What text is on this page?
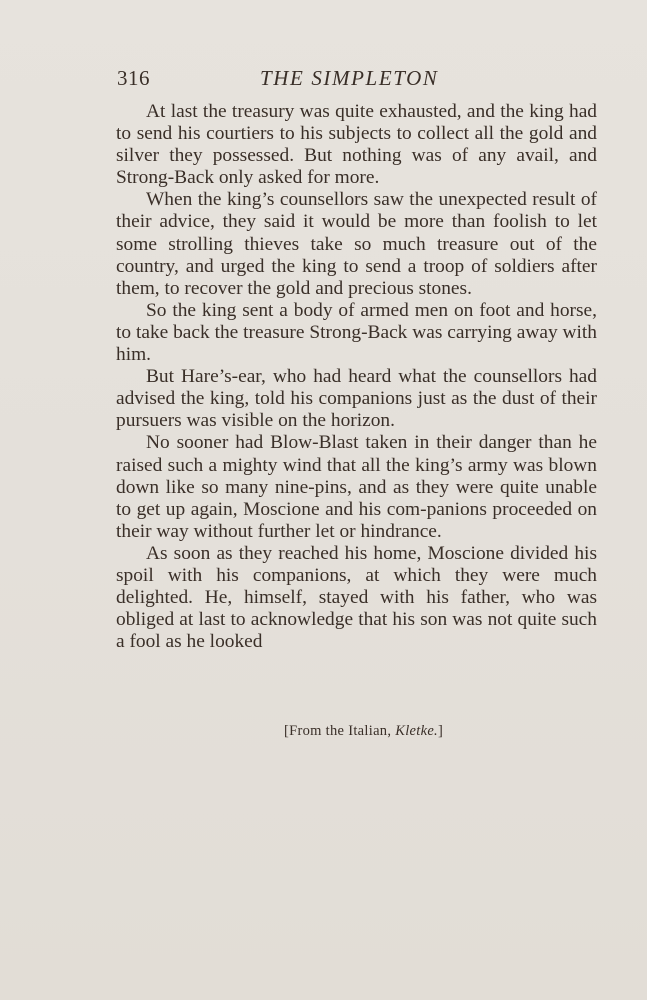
316	THE SIMPLETON

At last the treasury was quite exhausted, and the king had to send his courtiers to his subjects to collect all the gold and silver they possessed. But nothing was of any avail, and Strong-Back only asked for more.

When the king’s counsellors saw the unexpected result of their advice, they said it would be more than foolish to let some strolling thieves take so much treasure out of the country, and urged the king to send a troop of soldiers after them, to recover the gold and precious stones.

So the king sent a body of armed men on foot and horse, to take back the treasure Strong-Back was carrying away with him.

But Hare’s-ear, who had heard what the counsellors had advised the king, told his companions just as the dust of their pursuers was visible on the horizon.

No sooner had Blow-Blast taken in their danger than he raised such a mighty wind that all the king’s army was blown down like so many nine-pins, and as they were quite unable to get up again, Moscione and his com-panions proceeded on their way without further let or hindrance.

As soon as they reached his home, Moscione divided his spoil with his companions, at which they were much delighted. He, himself, stayed with his father, who was obliged at last to acknowledge that his son was not quite such a fool as he looked

[From the Italian, Kletke.]
